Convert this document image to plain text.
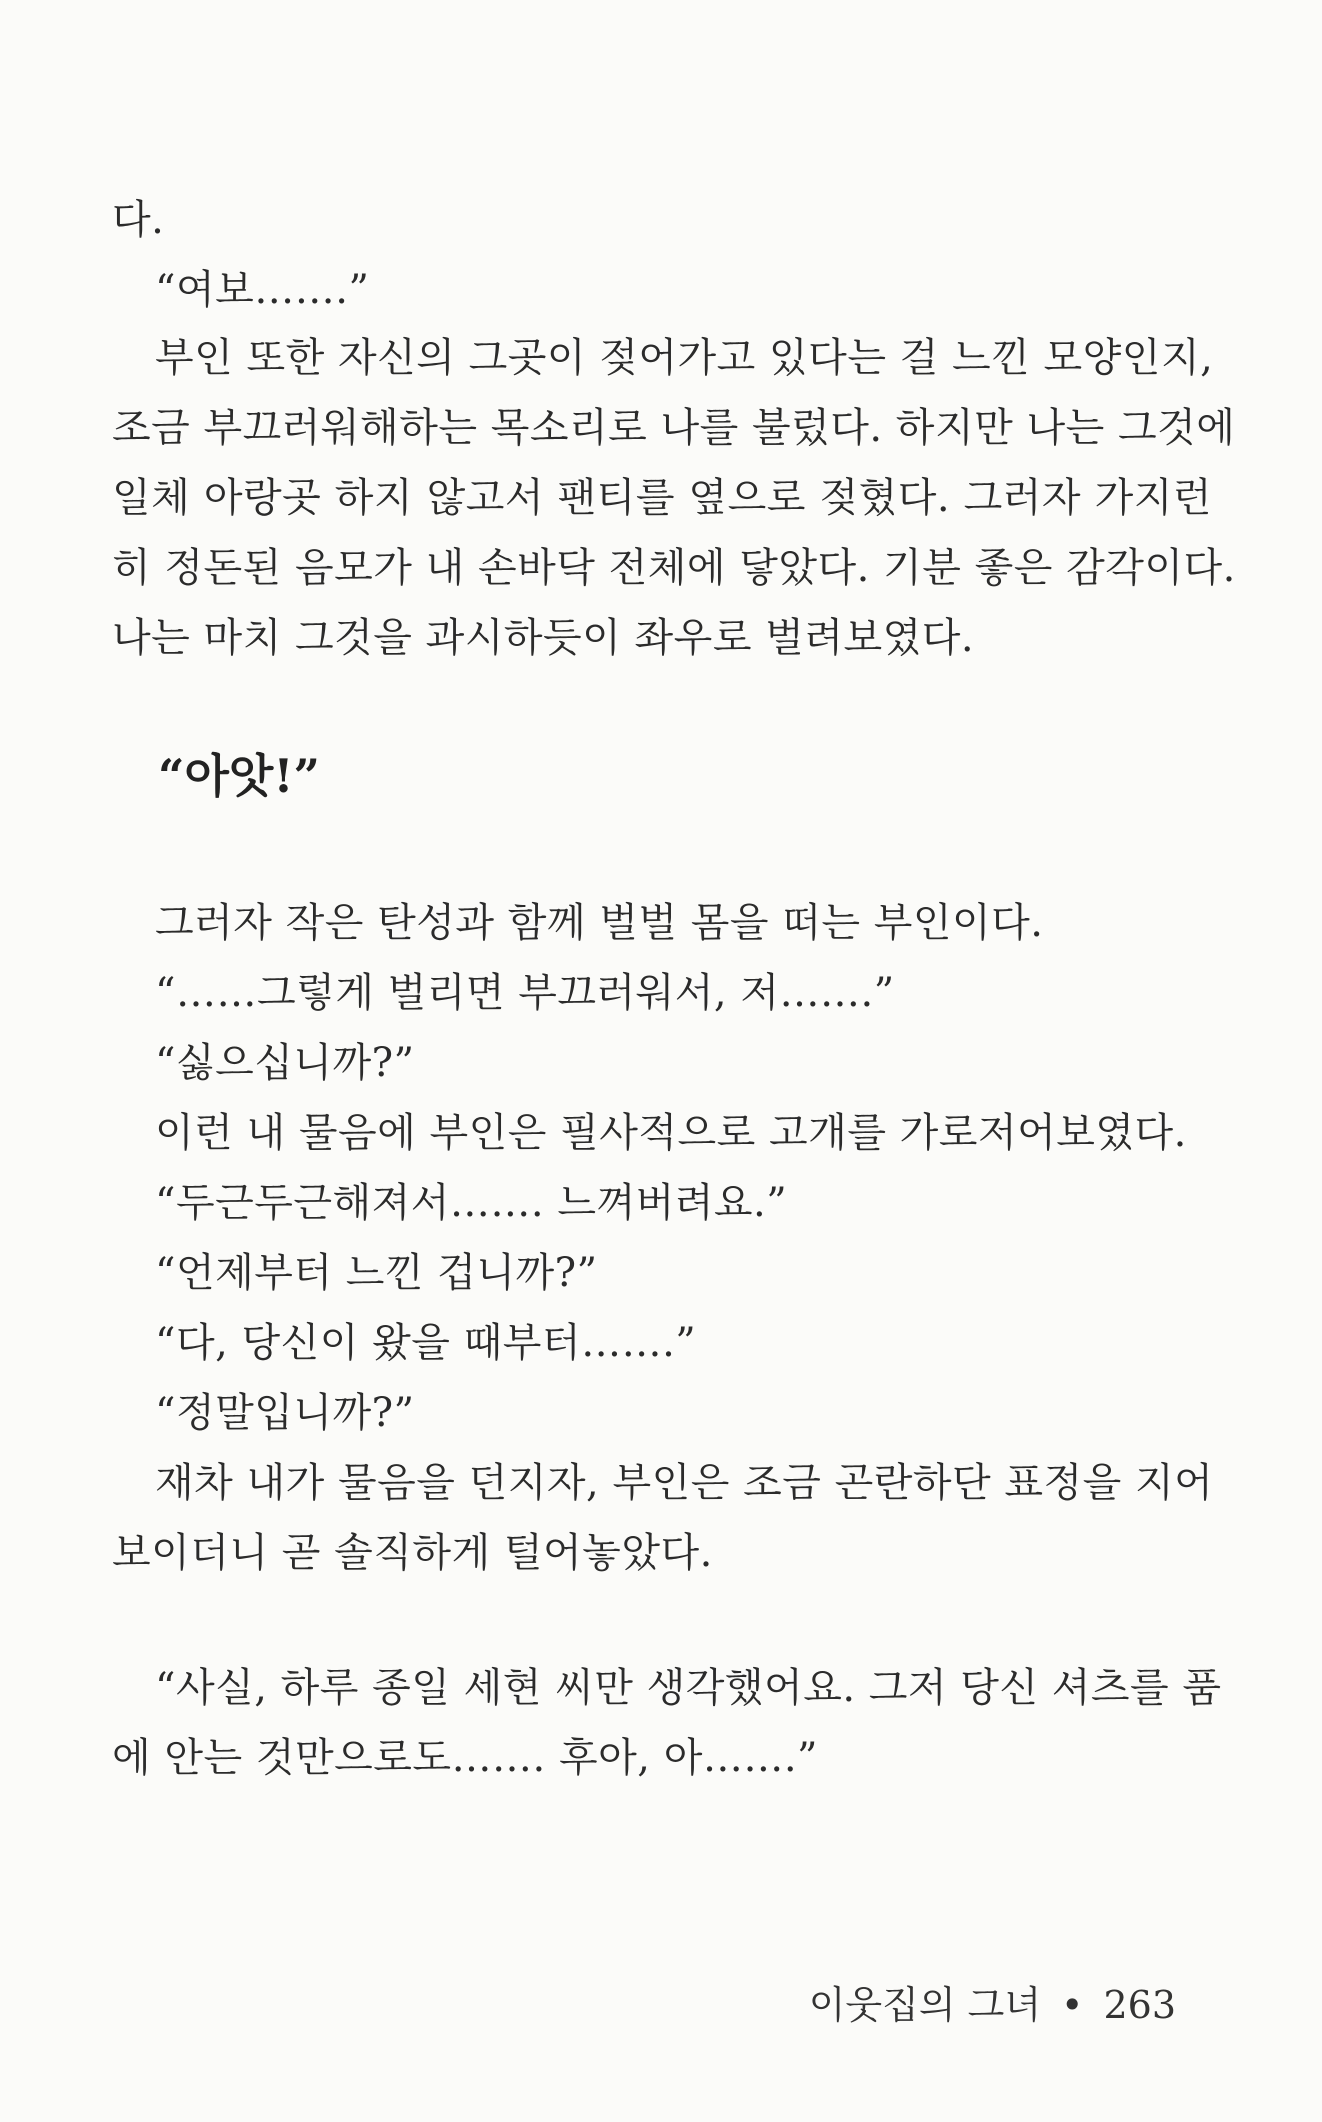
다.
“여보…….”
부인 또한 자신의 그곳이 젖어가고 있다는 걸 느낀 모양인지,
조금 부끄러워해하는 목소리로 나를 불렀다. 하지만 나는 그것에
일체 아랑곳 하지 않고서 팬티를 옆으로 젖혔다. 그러자 가지런
히 정돈된 음모가 내 손바닥 전체에 닿았다. 기분 좋은 감각이다.
나는 마치 그것을 과시하듯이 좌우로 벌려보였다.
“아앗!”
그러자 작은 탄성과 함께 벌벌 몸을 떠는 부인이다.
“……그렇게 벌리면 부끄러워서, 저…….”
“싫으십니까?”
이런 내 물음에 부인은 필사적으로 고개를 가로저어보였다.
“두근두근해져서……. 느껴버려요.”
“언제부터 느낀 겁니까?”
“다, 당신이 왔을 때부터…….”
“정말입니까?”
재차 내가 물음을 던지자, 부인은 조금 곤란하단 표정을 지어
보이더니 곧 솔직하게 털어놓았다.
“사실, 하루 종일 세현 씨만 생각했어요. 그저 당신 셔츠를 품
에 안는 것만으로도……. 후아, 아…….”
이웃집의 그녀 • 263
